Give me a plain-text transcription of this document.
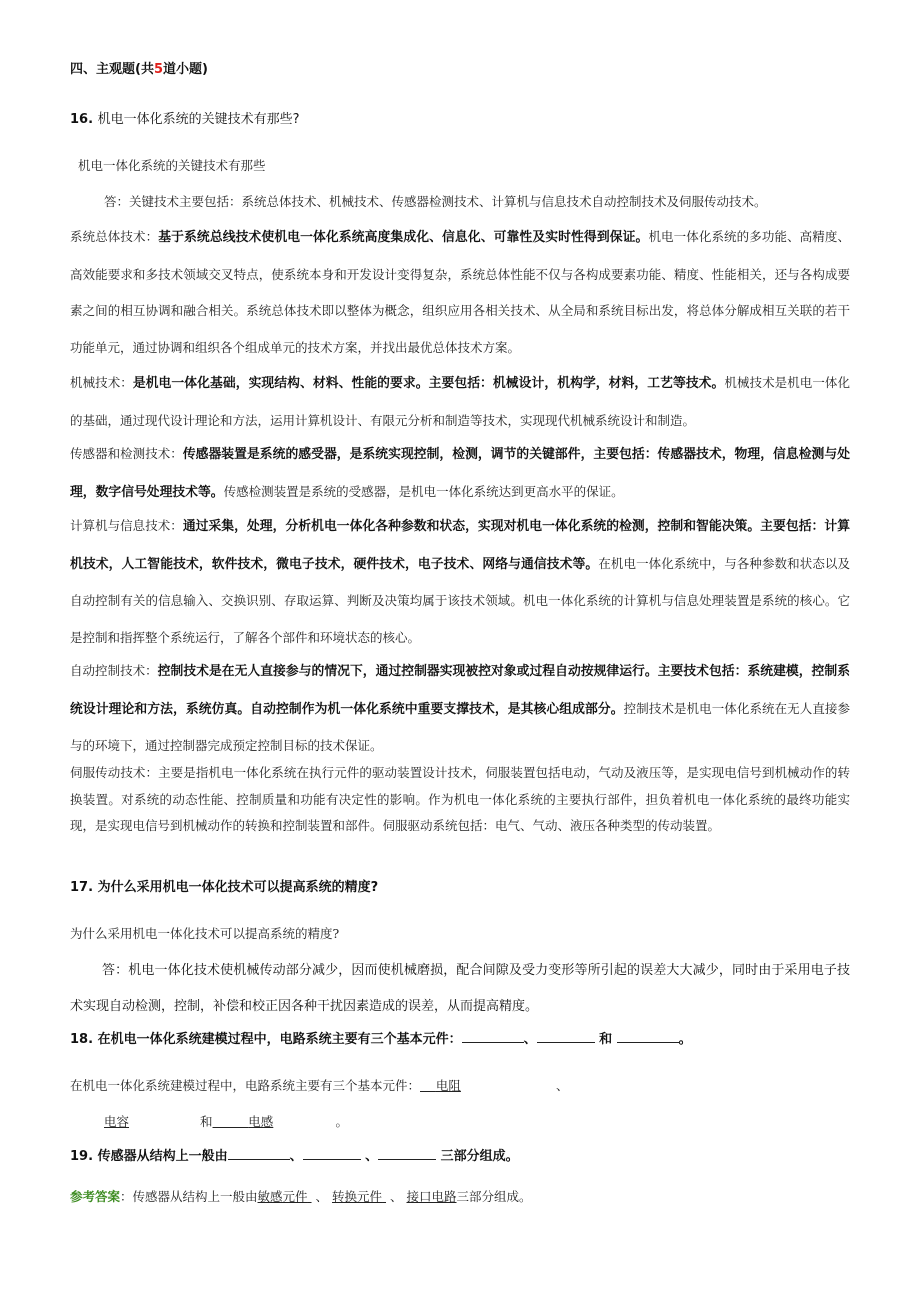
四、主观题(共5道小题)
16. 机电一体化系统的关键技术有那些?
机电一体化系统的关键技术有那些
答：关键技术主要包括：系统总体技术、机械技术、传感器检测技术、计算机与信息技术自动控制技术及伺服传动技术。
系统总体技术：基于系统总线技术使机电一体化系统高度集成化、信息化、可靠性及实时性得到保证。机电一体化系统的多功能、高精度、高效能要求和多技术领域交叉特点，使系统本身和开发设计变得复杂，系统总体性能不仅与各构成要素功能、精度、性能相关，还与各构成要素之间的相互协调和融合相关。系统总体技术即以整体为概念，组织应用各相关技术、从全局和系统目标出发，将总体分解成相互关联的若干功能单元，通过协调和组织各个组成单元的技术方案，并找出最优总体技术方案。
机械技术：是机电一体化基础，实现结构、材料、性能的要求。主要包括：机械设计，机构学，材料，工艺等技术。机械技术是机电一体化的基础，通过现代设计理论和方法，运用计算机设计、有限元分析和制造等技术，实现现代机械系统设计和制造。
传感器和检测技术：传感器装置是系统的感受器，是系统实现控制，检测，调节的关键部件，主要包括：传感器技术，物理，信息检测与处理，数字信号处理技术等。传感检测装置是系统的受感器，是机电一体化系统达到更高水平的保证。
计算机与信息技术：通过采集，处理，分析机电一体化各种参数和状态，实现对机电一体化系统的检测，控制和智能决策。主要包括：计算机技术，人工智能技术，软件技术，微电子技术，硬件技术，电子技术、网络与通信技术等。在机电一体化系统中，与各种参数和状态以及自动控制有关的信息输入、交换识别、存取运算、判断及决策均属于该技术领域。机电一体化系统的计算机与信息处理装置是系统的核心。它是控制和指挥整个系统运行，了解各个部件和环境状态的核心。
自动控制技术：控制技术是在无人直接参与的情况下，通过控制器实现被控对象或过程自动按规律运行。主要技术包括：系统建模，控制系统设计理论和方法，系统仿真。自动控制作为机一体化系统中重要支撑技术，是其核心组成部分。控制技术是机电一体化系统在无人直接参与的环境下，通过控制器完成预定控制目标的技术保证。
伺服传动技术：主要是指机电一体化系统在执行元件的驱动装置设计技术，伺服装置包括电动，气动及液压等，是实现电信号到机械动作的转换装置。对系统的动态性能、控制质量和功能有决定性的影响。作为机电一体化系统的主要执行部件，担负着机电一体化系统的最终功能实现，是实现电信号到机械动作的转换和控制装置和部件。伺服驱动系统包括：电气、气动、液压各种类型的传动装置。
17. 为什么采用机电一体化技术可以提高系统的精度?
为什么采用机电一体化技术可以提高系统的精度?
答：机电一体化技术使机械传动部分减少，因而使机械磨损，配合间隙及受力变形等所引起的误差大大减少，同时由于采用电子技术实现自动检测，控制，补偿和校正因各种干扰因素造成的误差，从而提高精度。
18. 在机电一体化系统建模过程中，电路系统主要有三个基本元件：	、	和	。
在机电一体化系统建模过程中，电路系统主要有三个基本元件： 电阻	、
电容	和	电感	。
19. 传感器从结构上一般由	、	、	三部分组成。
参考答案：传感器从结构上一般由敏感元件 、 转换元件 、 接口电路三部分组成。
